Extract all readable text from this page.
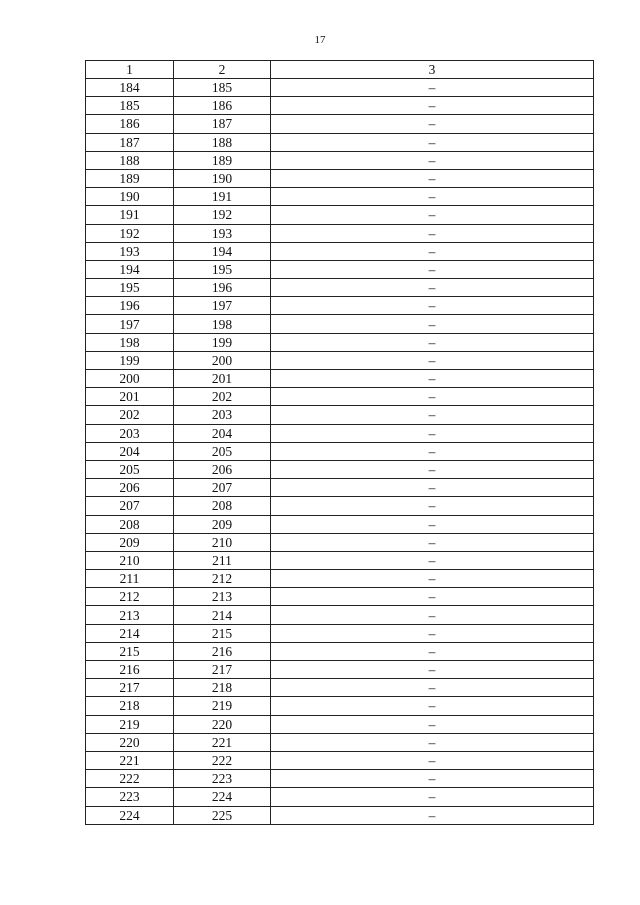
17
1	2	3
184	185	–
185	186	–
186	187	–
187	188	–
188	189	–
189	190	–
190	191	–
191	192	–
192	193	–
193	194	–
194	195	–
195	196	–
196	197	–
197	198	–
198	199	–
199	200	–
200	201	–
201	202	–
202	203	–
203	204	–
204	205	–
205	206	–
206	207	–
207	208	–
208	209	–
209	210	–
210	211	–
211	212	–
212	213	–
213	214	–
214	215	–
215	216	–
216	217	–
217	218	–
218	219	–
219	220	–
220	221	–
221	222	–
222	223	–
223	224	–
224	225	–
